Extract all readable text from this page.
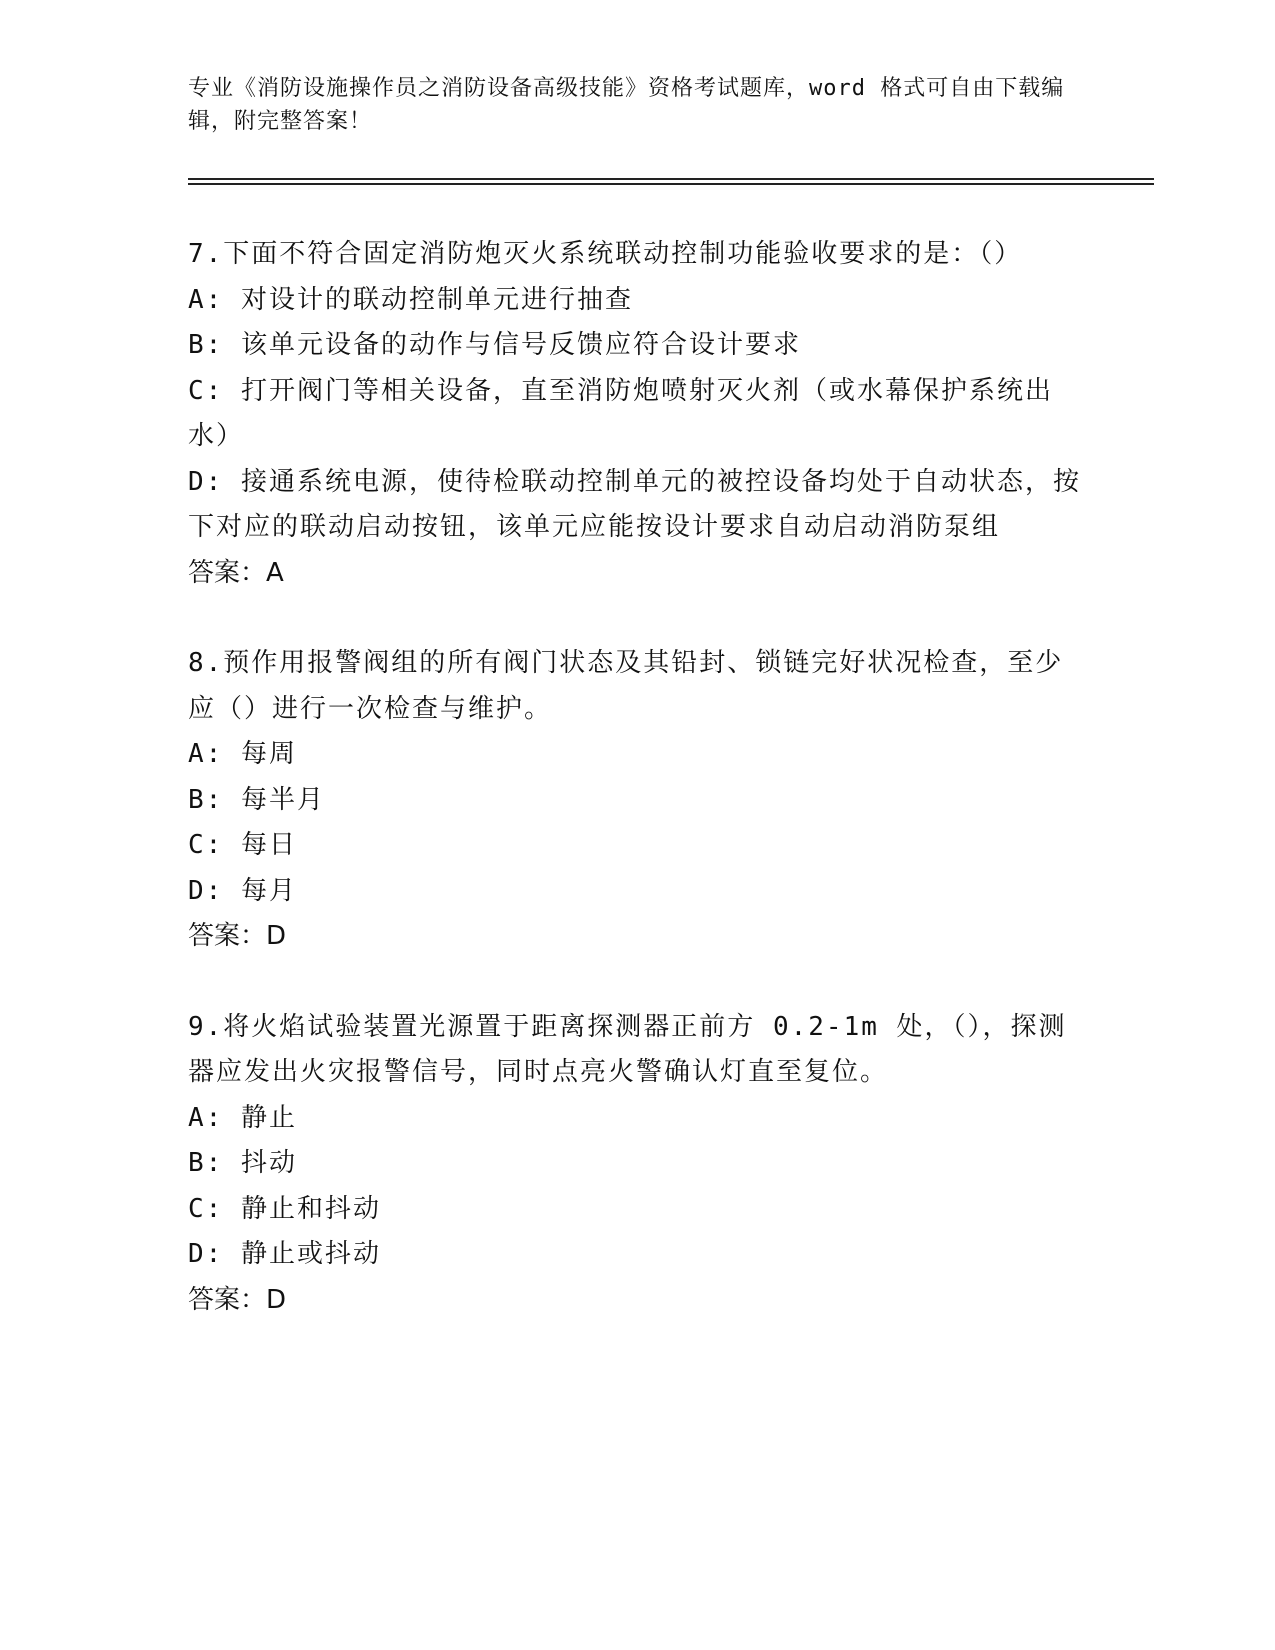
专业《消防设施操作员之消防设备高级技能》资格考试题库，word 格式可自由下载编辑，附完整答案！

7.下面不符合固定消防炮灭火系统联动控制功能验收要求的是：（）

A: 对设计的联动控制单元进行抽查

B: 该单元设备的动作与信号反馈应符合设计要求

C: 打开阀门等相关设备，直至消防炮喷射灭火剂（或水幕保护系统出水）

D: 接通系统电源，使待检联动控制单元的被控设备均处于自动状态，按下对应的联动启动按钮，该单元应能按设计要求自动启动消防泵组

答案：A

8.预作用报警阀组的所有阀门状态及其铅封、锁链完好状况检查，至少应（）进行一次检查与维护。

A: 每周

B: 每半月

C: 每日

D: 每月

答案：D

9.将火焰试验装置光源置于距离探测器正前方 0.2-1m 处，（），探测器应发出火灾报警信号，同时点亮火警确认灯直至复位。

A: 静止

B: 抖动

C: 静止和抖动

D: 静止或抖动

答案：D
